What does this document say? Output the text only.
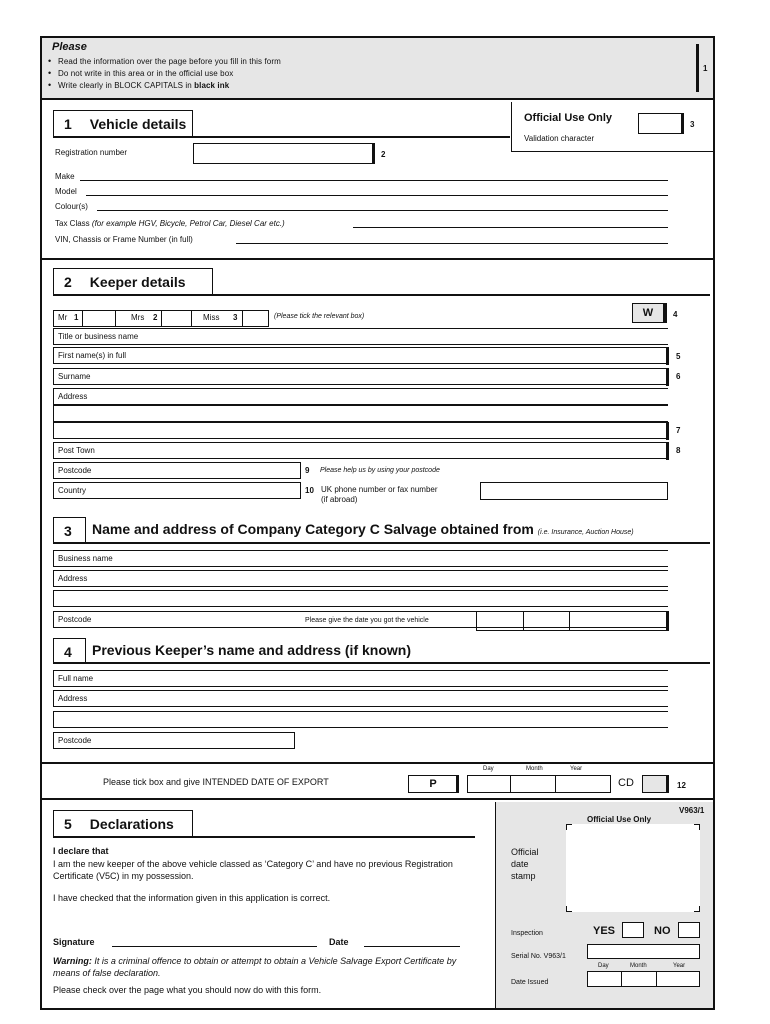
Please
• Read the information over the page before you fill in this form
• Do not write in this area or in the official use box
• Write clearly in BLOCK CAPITALS in black ink
1
1 Vehicle details	Official Use Only
Validation character
3
Registration number	2
Make
Model
Colour(s)
Tax Class (for example HGV, Bicycle, Petrol Car, Diesel Car etc.)
VIN, Chassis or Frame Number (in full)
2 Keeper details
Mr 1	Mrs 2	Miss 3	(Please tick the relevant box)	W	4
Title or business name
First name(s) in full	5
Surname	6
Address
7
Post Town	8
Postcode	9 Please help us by using your postcode
Country	10 UK phone number or fax number
(if abroad)
3	Name and address of Company Category C Salvage obtained from (i.e. Insurance, Auction House)
Business name
Address
Postcode	Please give the date you got the vehicle
4	Previous Keeper’s name and address (if known)
Full name
Address
Postcode
Please tick box and give INTENDED DATE OF EXPORT	P
Day	Month	Year
CD	12
5 Declarations
I declare that
I am the new keeper of the above vehicle classed as ‘Category C’ and have no previous Registration Certificate (V5C) in my possession.
I have checked that the information given in this application is correct.
Signature	Date
Warning: It is a criminal offence to obtain or attempt to obtain a Vehicle Salvage Export Certificate by means of false declaration.
Please check over the page what you should now do with this form.
V963/1
Official Use Only
Official
date
stamp
Inspection	YES	NO
Serial No. V963/1
Day	Month	Year
Date Issued
